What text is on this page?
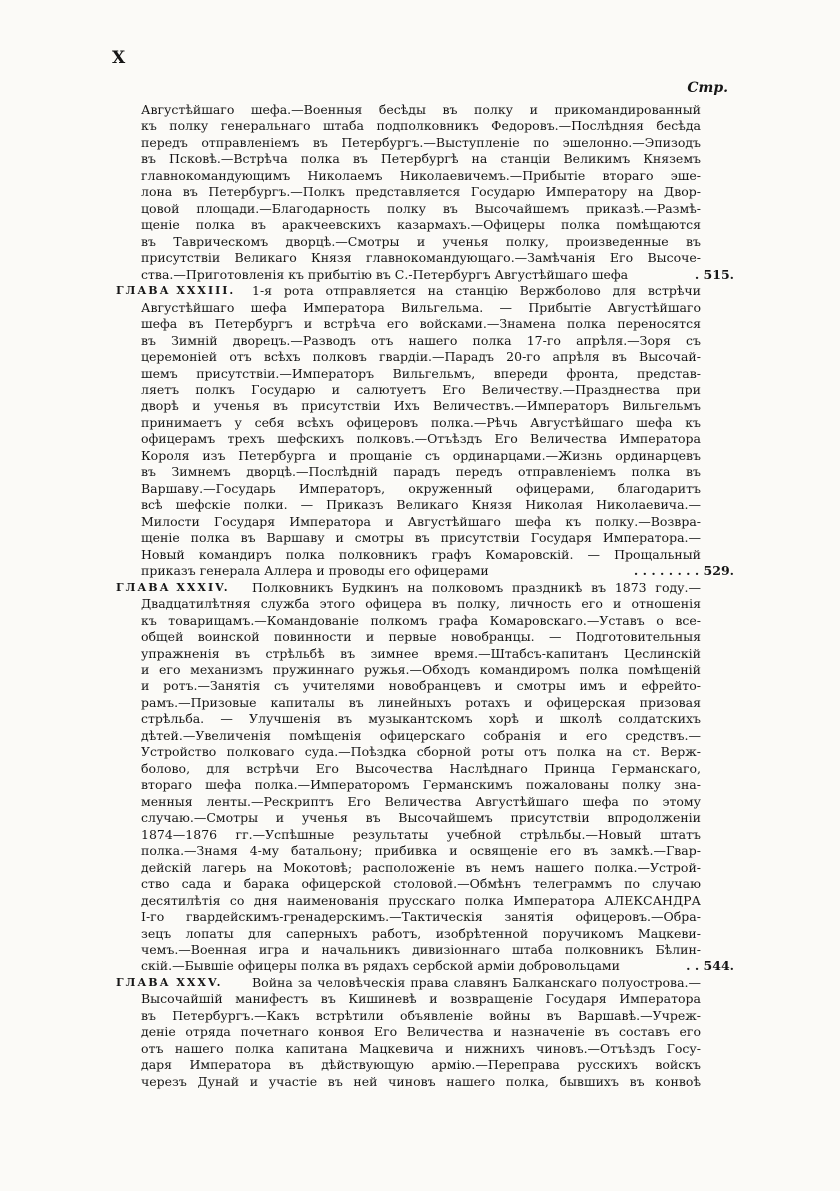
X
Стр.
Августѣйшаго шефа.—Военныя бесѣды въ полку и прикомандированный
къ полку генеральнаго штаба подполковникъ Федоровъ.—Послѣдняя бесѣда
передъ отправленіемъ въ Петербургъ.—Выступленіе по эшелонно.—Эпизодъ
въ Псковѣ.—Встрѣча полка въ Петербургѣ на станціи Великимъ Княземъ
главнокомандующимъ Николаемъ Николаевичемъ.—Прибытіе втораго эше-
лона въ Петербургъ.—Полкъ представляется Государю Императору на Двор-
цовой площади.—Благодарность полку въ Высочайшемъ приказѣ.—Размѣ-
щеніе полка въ аракчеевскихъ казармахъ.—Офицеры полка помѣщаются
въ Таврическомъ дворцѣ.—Смотры и ученья полку, произведенные въ
присутствіи Великаго Князя главнокомандующаго.—Замѣчанія Его Высоче-
ства.—Приготовленія къ прибытію въ С.-Петербургъ Августѣйшаго шефа	. 515.
ГЛАВА XXXIII. 1-я рота отправляется на станцію Вержболово для встрѣчи
Августѣйшаго шефа Императора Вильгельма. — Прибытіе Августѣйшаго
шефа въ Петербургъ и встрѣча его войсками.—Знамена полка переносятся
въ Зимній дворецъ.—Разводъ отъ нашего полка 17-го апрѣля.—Зоря съ
церемоніей отъ всѣхъ полковъ гвардіи.—Парадъ 20-го апрѣля въ Высочай-
шемъ присутствіи.—Императоръ Вильгельмъ, впереди фронта, представ-
ляетъ полкъ Государю и салютуетъ Его Величеству.—Празднества при
дворѣ и ученья въ присутствіи Ихъ Величествъ.—Императоръ Вильгельмъ
принимаетъ у себя всѣхъ офицеровъ полка.—Рѣчь Августѣйшаго шефа къ
офицерамъ трехъ шефскихъ полковъ.—Отъѣздъ Его Величества Императора
Короля изъ Петербурга и прощаніе съ ординарцами.—Жизнь ординарцевъ
въ Зимнемъ дворцѣ.—Послѣдній парадъ передъ отправленіемъ полка въ
Варшаву.—Государь Императоръ, окруженный офицерами, благодаритъ
всѣ шефскіе полки. — Приказъ Великаго Князя Николая Николаевича.—
Милости Государя Императора и Августѣйшаго шефа къ полку.—Возвра-
щеніе полка въ Варшаву и смотры въ присутствіи Государя Императора.—
Новый командиръ полка полковникъ графъ Комаровскій. — Прощальный
приказъ генерала Аллера и проводы его офицерами	. . . . . . . . 529.
ГЛАВА XXXIV. Полковникъ Будкинъ на полковомъ праздникѣ въ 1873 году.—
Двадцатилѣтняя служба этого офицера въ полку, личность его и отношенія
къ товарищамъ.—Командованіе полкомъ графа Комаровскаго.—Уставъ о все-
общей воинской повинности и первые новобранцы. — Подготовительныя
упражненія въ стрѣльбѣ въ зимнее время.—Штабсъ-капитанъ Цеслинскій
и его механизмъ пружиннаго ружья.—Обходъ командиромъ полка помѣщеній
и ротъ.—Занятія съ учителями новобранцевъ и смотры имъ и ефрейто-
рамъ.—Призовые капиталы въ линейныхъ ротахъ и офицерская призовая
стрѣльба. — Улучшенія въ музыкантскомъ хорѣ и школѣ солдатскихъ
дѣтей.—Увеличенія помѣщенія офицерскаго собранія и его средствъ.—
Устройство полковаго суда.—Поѣздка сборной роты отъ полка на ст. Верж-
болово, для встрѣчи Его Высочества Наслѣднаго Принца Германскаго,
втораго шефа полка.—Императоромъ Германскимъ пожалованы полку зна-
менныя ленты.—Рескриптъ Его Величества Августѣйшаго шефа по этому
случаю.—Смотры и ученья въ Высочайшемъ присутствіи впродолженіи
1874—1876 гг.—Успѣшные результаты учебной стрѣльбы.—Новый штатъ
полка.—Знамя 4-му батальону; прибивка и освященіе его въ замкѣ.—Гвар-
дейскій лагерь на Мокотовѣ; расположеніе въ немъ нашего полка.—Устрой-
ство сада и барака офицерской столовой.—Обмѣнъ телеграммъ по случаю
десятилѣтія со дня наименованія прусскаго полка Императора АЛЕКСАНДРА
I-го гвардейскимъ-гренадерскимъ.—Тактическія занятія офицеровъ.—Обра-
зецъ лопаты для саперныхъ работъ, изобрѣтенной поручикомъ Мацкеви-
чемъ.—Военная игра и начальникъ дивизіоннаго штаба полковникъ Бѣлин-
скій.—Бывшіе офицеры полка въ рядахъ сербской арміи добровольцами	. . 544.
ГЛАВА XXXV. Война за человѣческія права славянъ Балканскаго полуострова.—
Высочайшій манифестъ въ Кишиневѣ и возвращеніе Государя Императора
въ Петербургъ.—Какъ встрѣтили объявленіе войны въ Варшавѣ.—Учреж-
деніе отряда почетнаго конвоя Его Величества и назначеніе въ составъ его
отъ нашего полка капитана Мацкевича и нижнихъ чиновъ.—Отъѣздъ Госу-
даря Императора въ дѣйствующую армію.—Переправа русскихъ войскъ
черезъ Дунай и участіе въ ней чиновъ нашего полка, бывшихъ въ конвоѣ
